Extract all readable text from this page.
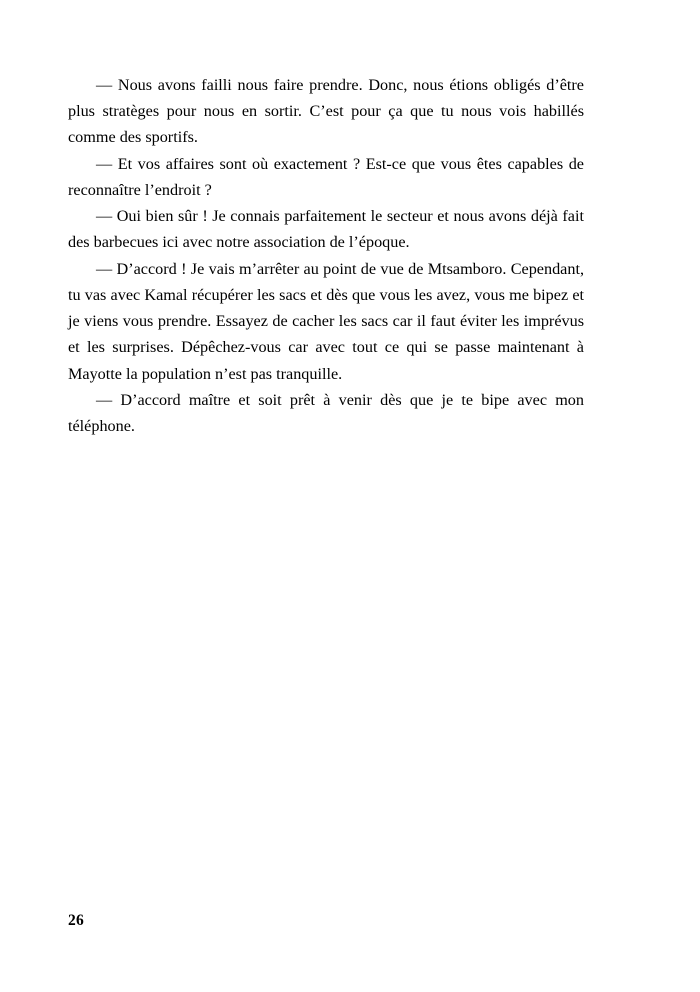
— Nous avons failli nous faire prendre. Donc, nous étions obligés d’être plus stratèges pour nous en sortir. C’est pour ça que tu nous vois habillés comme des sportifs.

— Et vos affaires sont où exactement ? Est-ce que vous êtes capables de reconnaître l’endroit ?

— Oui bien sûr ! Je connais parfaitement le secteur et nous avons déjà fait des barbecues ici avec notre association de l’époque.

— D’accord ! Je vais m’arrêter au point de vue de Mtsamboro. Cependant, tu vas avec Kamal récupérer les sacs et dès que vous les avez, vous me bipez et je viens vous prendre. Essayez de cacher les sacs car il faut éviter les imprévus et les surprises. Dépêchez-vous car avec tout ce qui se passe maintenant à Mayotte la population n’est pas tranquille.

— D’accord maître et soit prêt à venir dès que je te bipe avec mon téléphone.

26
